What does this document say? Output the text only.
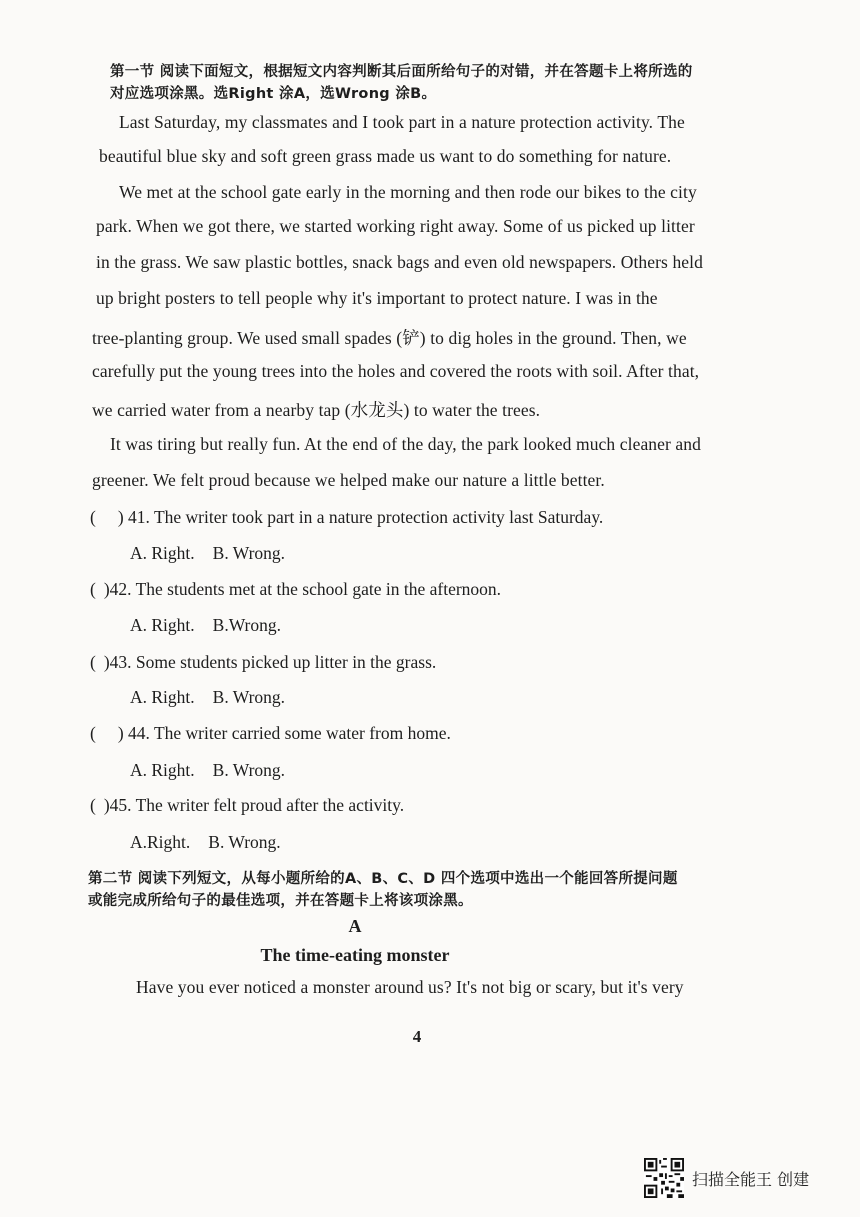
第一节 阅读下面短文，根据短文内容判断其后面所给句子的对错，并在答题卡上将所选的
对应选项涂黑。选Right 涂A，选Wrong 涂B。
Last Saturday, my classmates and I took part in a nature protection activity. The
beautiful blue sky and soft green grass made us want to do something for nature.
We met at the school gate early in the morning and then rode our bikes to the city
park. When we got there, we started working right away. Some of us picked up litter
in the grass. We saw plastic bottles, snack bags and even old newspapers. Others held
up bright posters to tell people why it's important to protect nature. I was in the
tree-planting group. We used small spades (铲) to dig holes in the ground. Then, we
carefully put the young trees into the holes and covered the roots with soil. After that,
we carried water from a nearby tap (水龙头) to water the trees.
It was tiring but really fun. At the end of the day, the park looked much cleaner and
greener. We felt proud because we helped make our nature a little better.
( ) 41. The writer took part in a nature protection activity last Saturday.
A. Right. B. Wrong.
( )42. The students met at the school gate in the afternoon.
A. Right. B.Wrong.
( )43. Some students picked up litter in the grass.
A. Right. B. Wrong.
( ) 44. The writer carried some water from home.
A. Right. B. Wrong.
( )45. The writer felt proud after the activity.
A.Right. B. Wrong.
第二节 阅读下列短文，从每小题所给的A、B、C、D 四个选项中选出一个能回答所提问题
或能完成所给句子的最佳选项，并在答题卡上将该项涂黑。
A
The time-eating monster
Have you ever noticed a monster around us? It's not big or scary, but it's very
4
扫描全能王 创建
